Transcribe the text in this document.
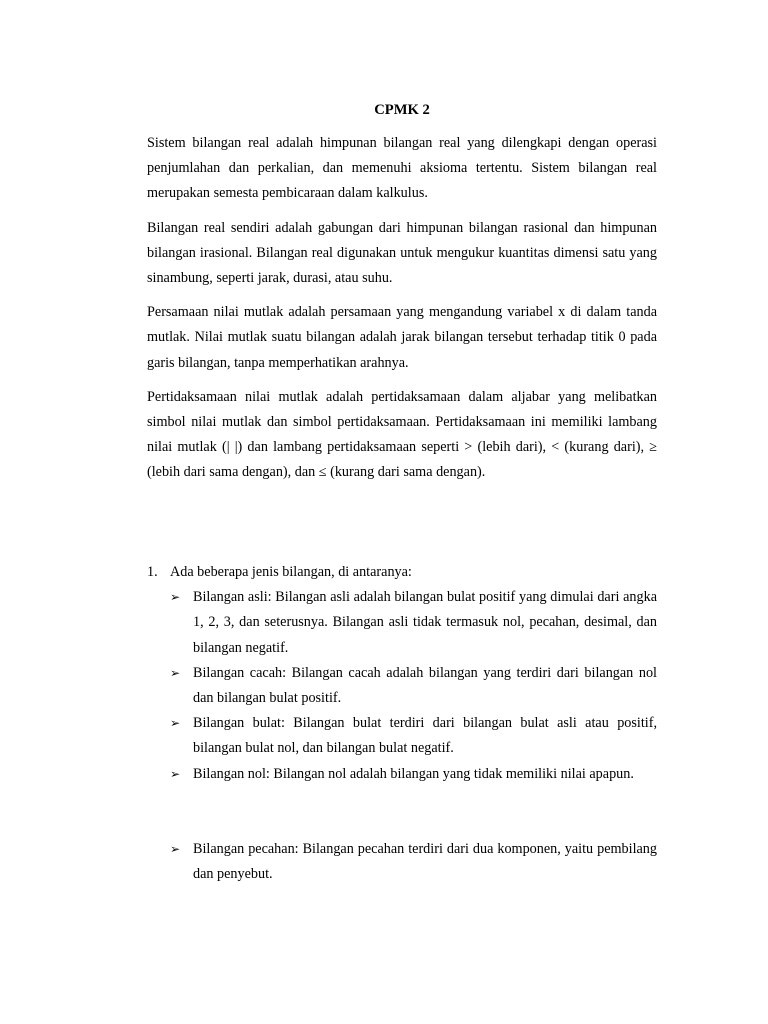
CPMK 2

Sistem bilangan real adalah himpunan bilangan real yang dilengkapi dengan operasi penjumlahan dan perkalian, dan memenuhi aksioma tertentu. Sistem bilangan real merupakan semesta pembicaraan dalam kalkulus.

Bilangan real sendiri adalah gabungan dari himpunan bilangan rasional dan himpunan bilangan irasional. Bilangan real digunakan untuk mengukur kuantitas dimensi satu yang sinambung, seperti jarak, durasi, atau suhu.

Persamaan nilai mutlak adalah persamaan yang mengandung variabel x di dalam tanda mutlak. Nilai mutlak suatu bilangan adalah jarak bilangan tersebut terhadap titik 0 pada garis bilangan, tanpa memperhatikan arahnya.

Pertidaksamaan nilai mutlak adalah pertidaksamaan dalam aljabar yang melibatkan simbol nilai mutlak dan simbol pertidaksamaan. Pertidaksamaan ini memiliki lambang nilai mutlak (| |) dan lambang pertidaksamaan seperti > (lebih dari), < (kurang dari), ≥ (lebih dari sama dengan), dan ≤ (kurang dari sama dengan).

1. Ada beberapa jenis bilangan, di antaranya:
➢ Bilangan asli: Bilangan asli adalah bilangan bulat positif yang dimulai dari angka 1, 2, 3, dan seterusnya. Bilangan asli tidak termasuk nol, pecahan, desimal, dan bilangan negatif.
➢ Bilangan cacah: Bilangan cacah adalah bilangan yang terdiri dari bilangan nol dan bilangan bulat positif.
➢ Bilangan bulat: Bilangan bulat terdiri dari bilangan bulat asli atau positif, bilangan bulat nol, dan bilangan bulat negatif.
➢ Bilangan nol: Bilangan nol adalah bilangan yang tidak memiliki nilai apapun.
➢ Bilangan pecahan: Bilangan pecahan terdiri dari dua komponen, yaitu pembilang dan penyebut.
